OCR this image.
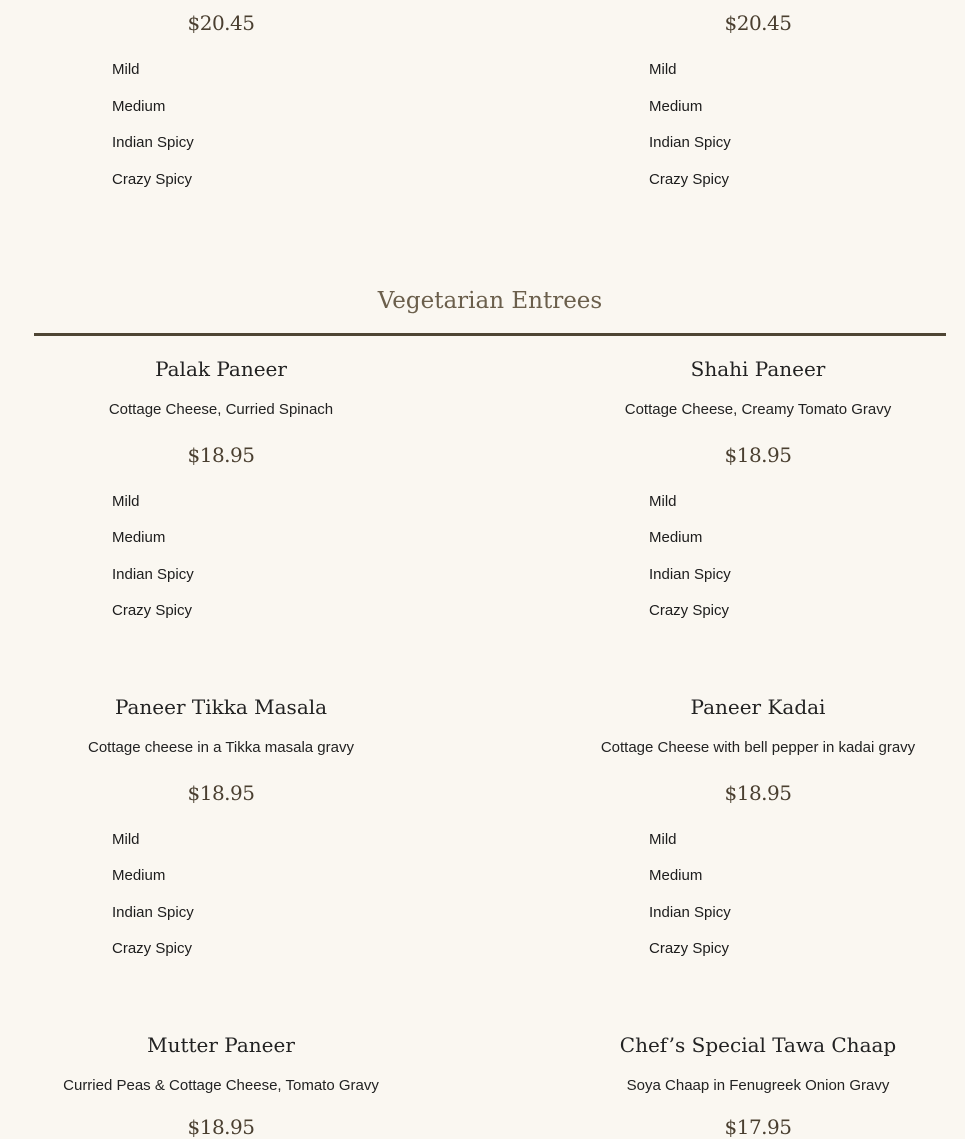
$20.45
Mild
Medium
Indian Spicy
Crazy Spicy
$20.45
Mild
Medium
Indian Spicy
Crazy Spicy
Vegetarian Entrees
Palak Paneer
Cottage Cheese, Curried Spinach
$18.95
Mild
Medium
Indian Spicy
Crazy Spicy
Shahi Paneer
Cottage Cheese, Creamy Tomato Gravy
$18.95
Mild
Medium
Indian Spicy
Crazy Spicy
Paneer Tikka Masala
Cottage cheese in a Tikka masala gravy
$18.95
Mild
Medium
Indian Spicy
Crazy Spicy
Paneer Kadai
Cottage Cheese with bell pepper in kadai gravy
$18.95
Mild
Medium
Indian Spicy
Crazy Spicy
Mutter Paneer
Curried Peas & Cottage Cheese, Tomato Gravy
$18.95
Chef’s Special Tawa Chaap
Soya Chaap in Fenugreek Onion Gravy
$17.95
